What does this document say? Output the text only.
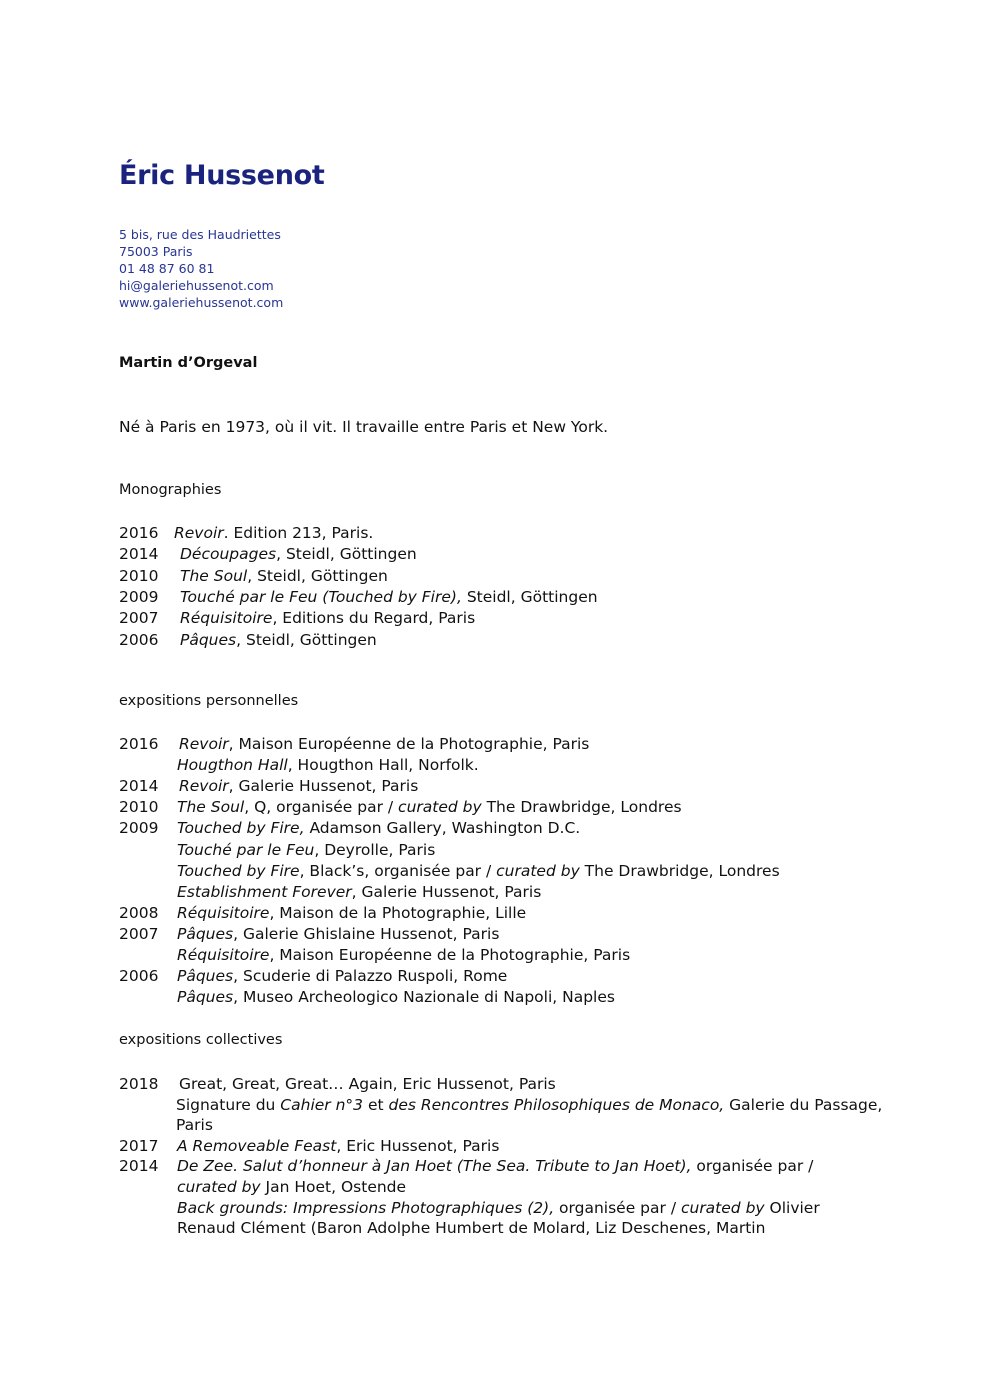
Éric Hussenot
5 bis, rue des Haudriettes
75003 Paris
01 48 87 60 81
hi@galeriehussenot.com
www.galeriehussenot.com
Martin d’Orgeval
Né à Paris en 1973, où il vit. Il travaille entre Paris et New York.
Monographies
2016 Revoir. Edition 213, Paris.
2014 Découpages, Steidl, Göttingen
2010 The Soul, Steidl, Göttingen
2009 Touché par le Feu (Touched by Fire), Steidl, Göttingen
2007 Réquisitoire, Editions du Regard, Paris
2006 Pâques, Steidl, Göttingen
expositions personnelles
2016 Revoir, Maison Européenne de la Photographie, Paris
Hougthon Hall, Hougthon Hall, Norfolk.
2014 Revoir, Galerie Hussenot, Paris
2010 The Soul, Q, organisée par / curated by The Drawbridge, Londres
2009 Touched by Fire, Adamson Gallery, Washington D.C.
Touché par le Feu, Deyrolle, Paris
Touched by Fire, Black’s, organisée par / curated by The Drawbridge, Londres
Establishment Forever, Galerie Hussenot, Paris
2008 Réquisitoire, Maison de la Photographie, Lille
2007 Pâques, Galerie Ghislaine Hussenot, Paris
Réquisitoire, Maison Européenne de la Photographie, Paris
2006 Pâques, Scuderie di Palazzo Ruspoli, Rome
Pâques, Museo Archeologico Nazionale di Napoli, Naples
expositions collectives
2018 Great, Great, Great… Again, Eric Hussenot, Paris
Signature du Cahier n°3 et des Rencontres Philosophiques de Monaco, Galerie du Passage,
Paris
2017 A Removeable Feast, Eric Hussenot, Paris
2014 De Zee. Salut d’honneur à Jan Hoet (The Sea. Tribute to Jan Hoet), organisée par /
curated by Jan Hoet, Ostende
Back grounds: Impressions Photographiques (2), organisée par / curated by Olivier
Renaud Clément (Baron Adolphe Humbert de Molard, Liz Deschenes, Martin
